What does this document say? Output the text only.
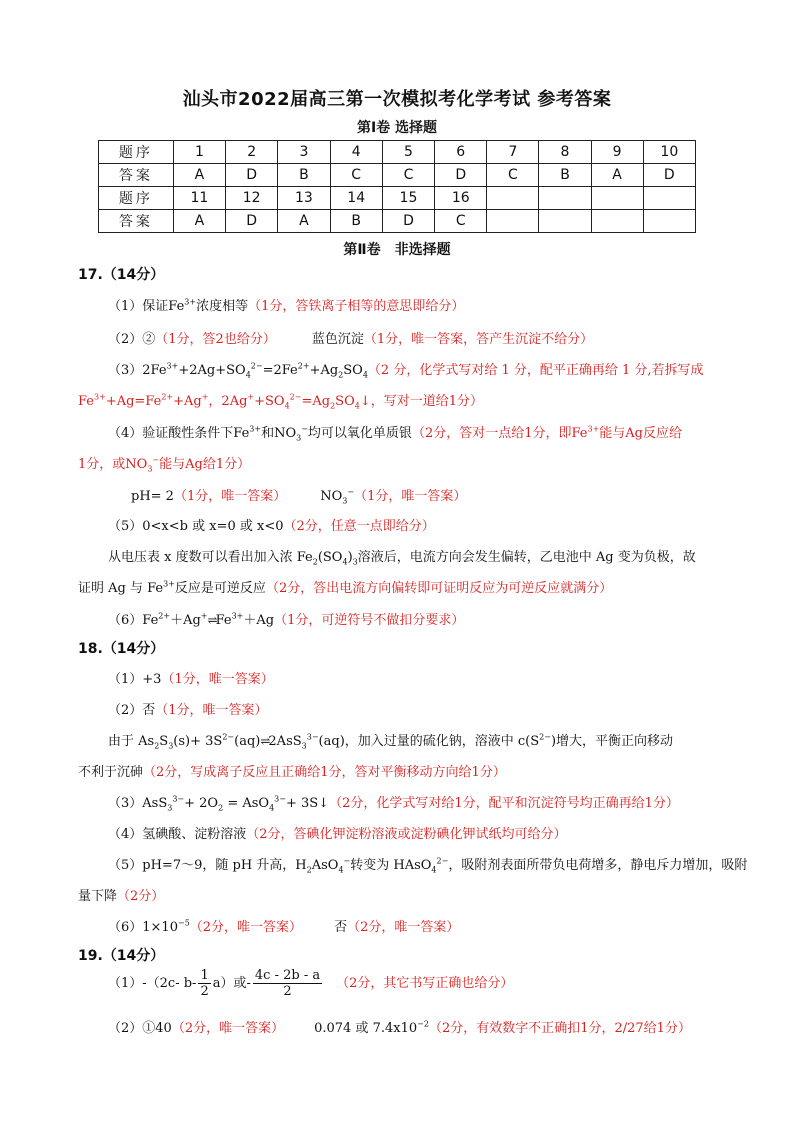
汕头市2022届高三第一次模拟考化学考试 参考答案
第Ⅰ卷 选择题
题序	1	2	3	4	5	6	7	8	9	10
答案	A	D	B	C	C	D	C	B	A	D
题序	11	12	13	14	15	16				
答案	A	D	A	B	D	C				
第Ⅱ卷　非选择题
17.（14分）
（1）保证$Fe^{3+}$浓度相等（1分，答铁离子相等的意思即给分）
（2）②（1分，答2也给分）	蓝色沉淀（1分，唯一答案，答产生沉淀不给分）
$(3)2Fe^{3+}+2Ag+SO_4^{2-}=2Fe^{2+}+Ag_2SO_4(2$ 分，化学式写对给 1 分，配平正确再给 1 分,若拆写成
$Fe^{3+}+Ag=Fe^{2+}+Ag^+$，$2Ag^++SO_4^{2-}=Ag_2SO_4↓$，写对一道给1分）
（4）验证酸性条件下$Fe^{3+}$和$NO_3^-$均可以氧化单质银（2分，答对一点给1分，即$Fe^{3+}$能与Ag反应给
1分，或$NO_3^-$能与Ag给1分）
pH= 2（1分，唯一答案）	$NO_3^-(1$分，唯一答案）
（5）0<x<b 或 x=0 或 x<0（2分，任意一点即给分）
从电压表 x 度数可以看出加入浓 $Fe_2(SO_4)_3$溶液后，电流方向会发生偏转，乙电池中 Ag 变为负极，故
证明 Ag 与 $Fe^{3+}$反应是可逆反应（2分，答出电流方向偏转即可证明反应为可逆反应就满分）
$(6)Fe^{2+}+Ag^+\rightleftharpoons Fe^{3+}+Ag(1$分，可逆符号不做扣分要求）
18.（14分）
（1）+3（1分，唯一答案）
（2）否（1分，唯一答案）
由于 $As_2S_3(s)+$ $3S^{2-}(aq)\rightleftharpoons 2AsS_3^{3-}(aq)$，加入过量的硫化钠，溶液中 $c(S^{2-})$增大，平衡正向移动
不利于沉砷（2分，写成离子反应且正确给1分，答对平衡移动方向给1分）
$(3)AsS_3^{3-}+ 2O_2 = AsO_4^{3-}+$ 3S↓（2分，化学式写对给1分，配平和沉淀符号均正确再给1分）
（4）氢碘酸、淀粉溶液（2分，答碘化钾淀粉溶液或淀粉碘化钾试纸均可给分）
（5）pH=7～9，随 pH 升高，$H_2AsO_4^-$转变为 HAsO$_4^{2-}$，吸附剂表面所带负电荷增多，静电斥力增加，吸附
量下降（2分）
$(6)1\times 10^{-5}(2$分，唯一答案） 否（2分，唯一答案）
19.（14分）
（1）-（2c- $b- \frac{1}{2} a$）或- $\frac{4c - 2b - a}{2} (2$分，其它书写正确也给分）
（2）①40（2分，唯一答案） 0.074 或 $7.4x10^{-2}(2$分，有效数字不正确扣1分，2/27给1分）
